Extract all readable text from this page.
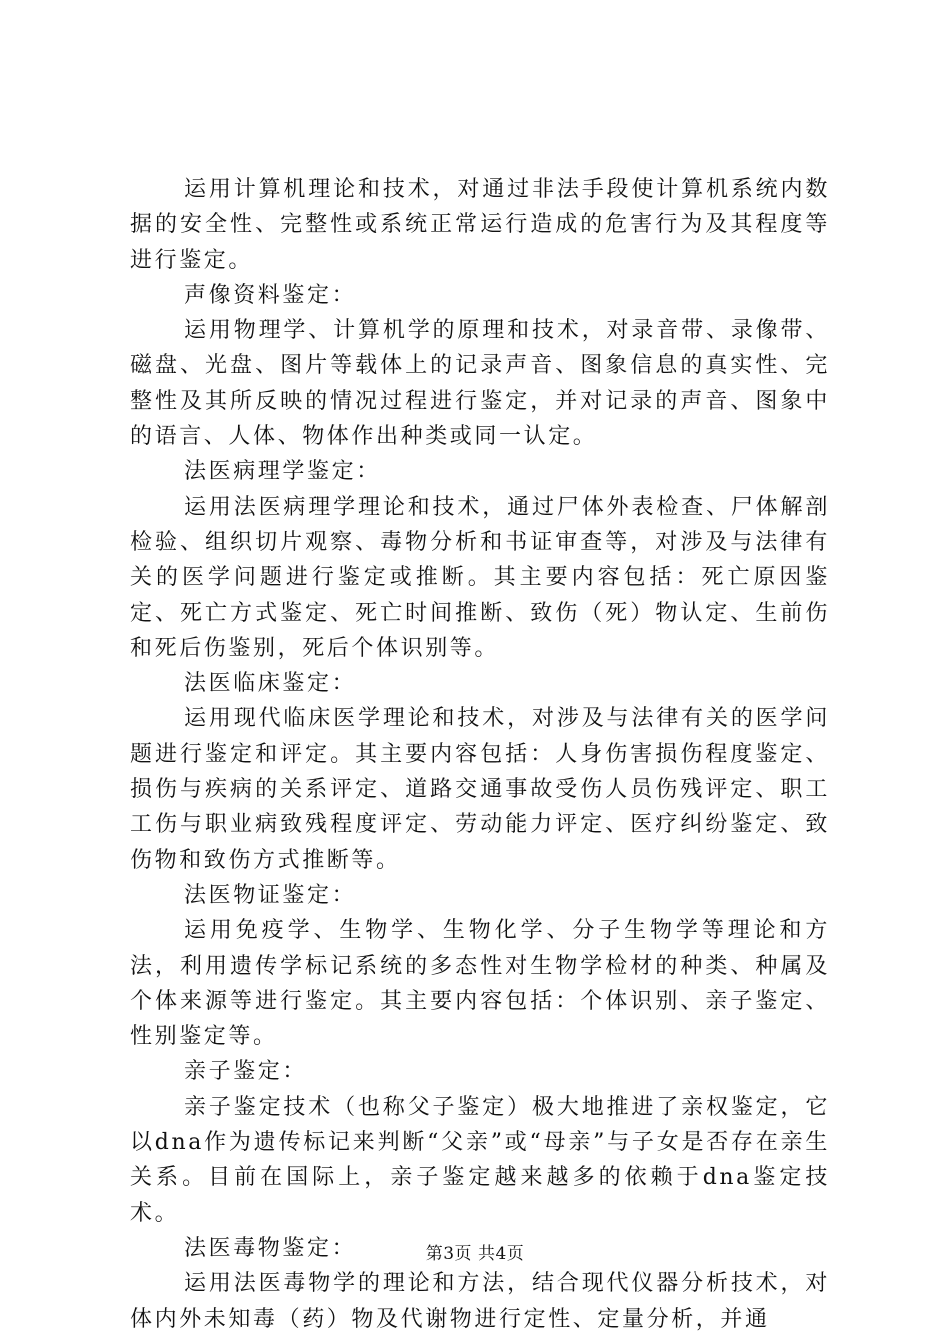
运用计算机理论和技术，对通过非法手段使计算机系统内数据的安全性、完整性或系统正常运行造成的危害行为及其程度等进行鉴定。

声像资料鉴定：

运用物理学、计算机学的原理和技术，对录音带、录像带、磁盘、光盘、图片等载体上的记录声音、图象信息的真实性、完整性及其所反映的情况过程进行鉴定，并对记录的声音、图象中的语言、人体、物体作出种类或同一认定。

法医病理学鉴定：

运用法医病理学理论和技术，通过尸体外表检查、尸体解剖检验、组织切片观察、毒物分析和书证审查等，对涉及与法律有关的医学问题进行鉴定或推断。其主要内容包括：死亡原因鉴定、死亡方式鉴定、死亡时间推断、致伤（死）物认定、生前伤和死后伤鉴别，死后个体识别等。

法医临床鉴定：

运用现代临床医学理论和技术，对涉及与法律有关的医学问题进行鉴定和评定。其主要内容包括：人身伤害损伤程度鉴定、损伤与疾病的关系评定、道路交通事故受伤人员伤残评定、职工工伤与职业病致残程度评定、劳动能力评定、医疗纠纷鉴定、致伤物和致伤方式推断等。

法医物证鉴定：

运用免疫学、生物学、生物化学、分子生物学等理论和方法，利用遗传学标记系统的多态性对生物学检材的种类、种属及个体来源等进行鉴定。其主要内容包括：个体识别、亲子鉴定、性别鉴定等。

亲子鉴定：

亲子鉴定技术（也称父子鉴定）极大地推进了亲权鉴定，它以dna作为遗传标记来判断“父亲”或“母亲”与子女是否存在亲生关系。目前在国际上，亲子鉴定越来越多的依赖于dna鉴定技术。

法医毒物鉴定：

运用法医毒物学的理论和方法，结合现代仪器分析技术，对体内外未知毒（药）物及代谢物进行定性、定量分析，并通

第3页 共4页
